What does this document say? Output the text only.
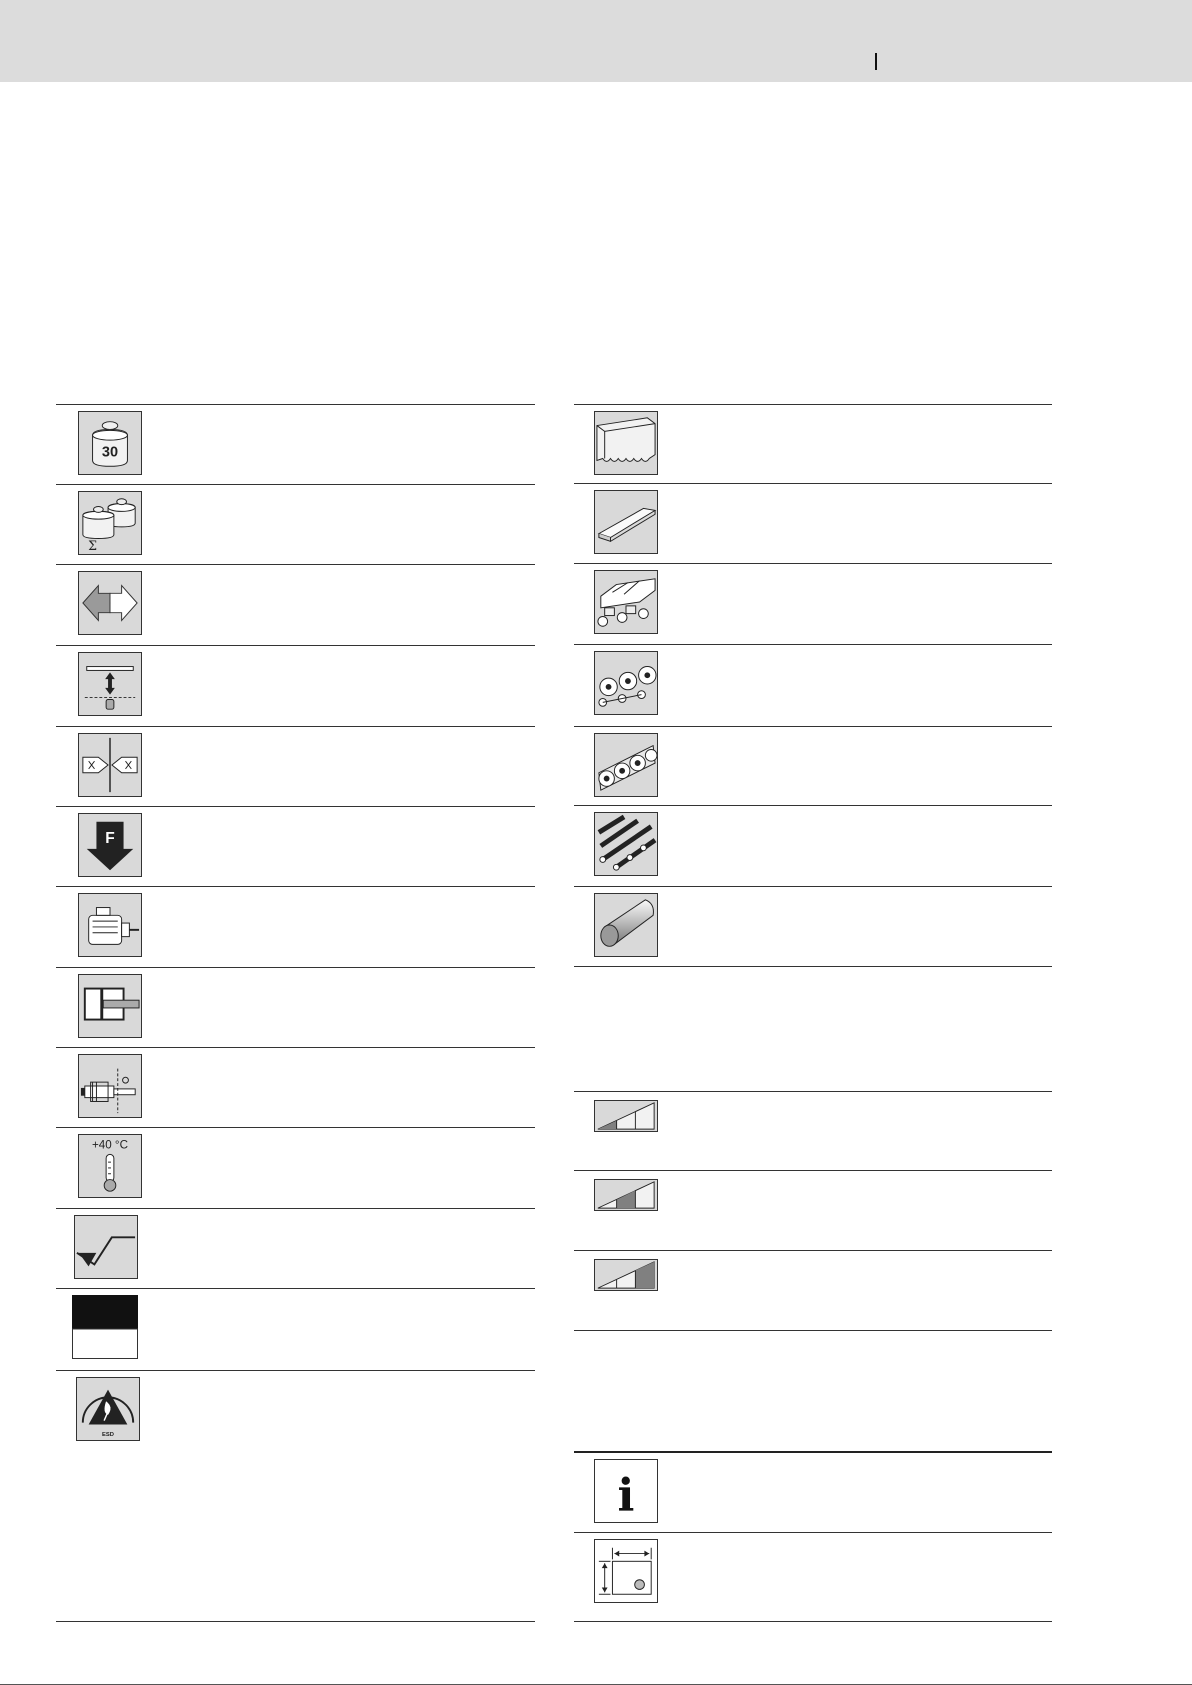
30
Σ
F
+40 °C
ESD
i
